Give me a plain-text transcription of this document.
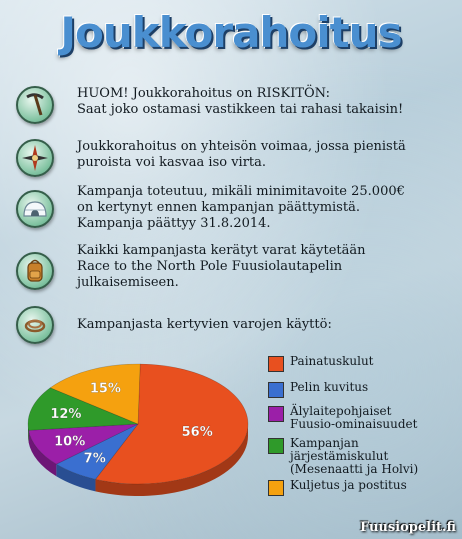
Joukkorahoitus
HUOM! Joukkorahoitus on RISKITÖN:
Saat joko ostamasi vastikkeen tai rahasi takaisin!
Joukkorahoitus on yhteisön voimaa, jossa pienistä
puroista voi kasvaa iso virta.
Kampanja toteutuu, mikäli minimitavoite 25.000€
on kertynyt ennen kampanjan päättymistä.
Kampanja päättyy 31.8.2014.
Kaikki kampanjasta kerätyt varat käytetään
Race to the North Pole Fuusiolautapelin
julkaisemiseen.
Kampanjasta kertyvien varojen käyttö:
56%
7%
10%
12%
15%
Painatuskulut
Pelin kuvitus
Älylaitepohjaiset
Fuusio-ominaisuudet
Kampanjan
järjestämiskulut
(Mesenaatti ja Holvi)
Kuljetus ja postitus
Fuusiopelit.fi
